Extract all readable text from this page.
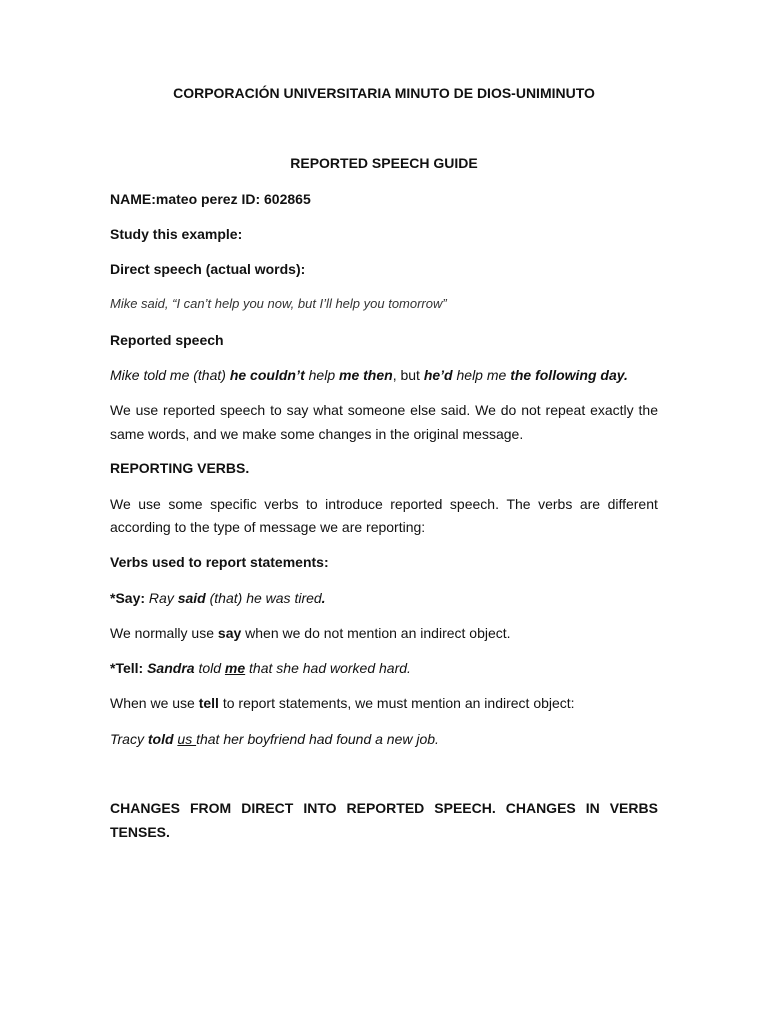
CORPORACIÓN UNIVERSITARIA MINUTO DE DIOS-UNIMINUTO
REPORTED SPEECH GUIDE
NAME:mateo perez ID: 602865
Study this example:
Direct speech (actual words):
Mike said, “I can’t help you now, but I’ll help you tomorrow”
Reported speech
Mike told me (that) he couldn’t help me then, but he’d help me the following day.
We use reported speech to say what someone else said. We do not repeat exactly the
same words, and we make some changes in the original message.
REPORTING VERBS.
We use some specific verbs to introduce reported speech. The verbs are different
according to the type of message we are reporting:
Verbs used to report statements:
*Say: Ray said (that) he was tired.
We normally use say when we do not mention an indirect object.
*Tell: Sandra told me that she had worked hard.
When we use tell to report statements, we must mention an indirect object:
Tracy told us that her boyfriend had found a new job.
CHANGES FROM DIRECT INTO REPORTED SPEECH. CHANGES IN VERBS
TENSES.
